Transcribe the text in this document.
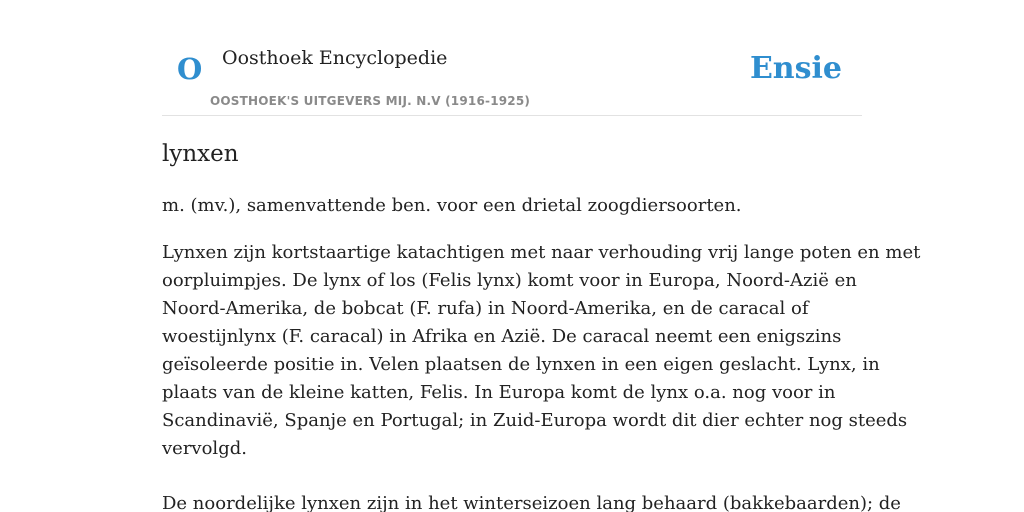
O Oosthoek Encyclopedie
OOSTHOEK'S UITGEVERS MIJ. N.V (1916-1925)
Ensie
lynxen

m. (mv.), samenvattende ben. voor een drietal zoogdiersoorten.

Lynxen zijn kortstaartige katachtigen met naar verhouding vrij lange poten en met
oorpluimpjes. De lynx of los (Felis lynx) komt voor in Europa, Noord-Azië en
Noord-Amerika, de bobcat (F. rufa) in Noord-Amerika, en de caracal of
woestijnlynx (F. caracal) in Afrika en Azië. De caracal neemt een enigszins
geïsoleerde positie in. Velen plaatsen de lynxen in een eigen geslacht. Lynx, in
plaats van de kleine katten, Felis. In Europa komt de lynx o.a. nog voor in
Scandinavië, Spanje en Portugal; in Zuid-Europa wordt dit dier echter nog steeds
vervolgd.

De noordelijke lynxen zijn in het winterseizoen lang behaard (bakkebaarden); de
